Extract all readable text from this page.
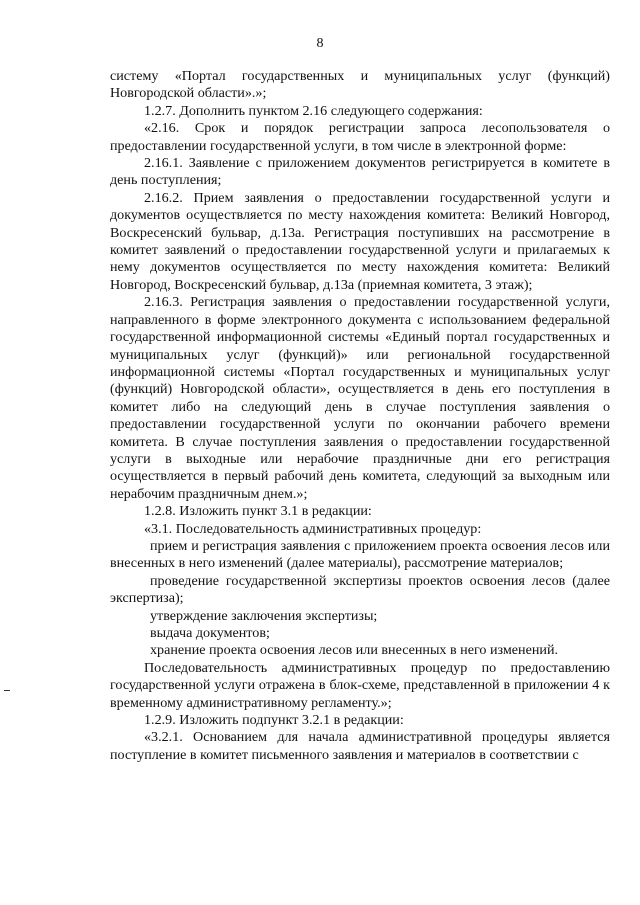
8

систему «Портал государственных и муниципальных услуг (функций) Новгородской области».»;

1.2.7. Дополнить пунктом 2.16 следующего содержания:

«2.16. Срок и порядок регистрации запроса лесопользователя о предоставлении государственной услуги, в том числе в электронной форме:

2.16.1. Заявление с приложением документов регистрируется в комитете в день поступления;

2.16.2. Прием заявления о предоставлении государственной услуги и документов осуществляется по месту нахождения комитета: Великий Новгород, Воскресенский бульвар, д.13а. Регистрация поступивших на рассмотрение в комитет заявлений о предоставлении государственной услуги и прилагаемых к нему документов осуществляется по месту нахождения комитета: Великий Новгород, Воскресенский бульвар, д.13а (приемная комитета, 3 этаж);

2.16.3. Регистрация заявления о предоставлении государственной услуги, направленного в форме электронного документа с использованием федеральной государственной информационной системы «Единый портал государственных и муниципальных услуг (функций)» или региональной государственной информационной системы «Портал государственных и муниципальных услуг (функций) Новгородской области», осуществляется в день его поступления в комитет либо на следующий день в случае поступления заявления о предоставлении государственной услуги по окончании рабочего времени комитета. В случае поступления заявления о предоставлении государственной услуги в выходные или нерабочие праздничные дни его регистрация осуществляется в первый рабочий день комитета, следующий за выходным или нерабочим праздничным днем.»;

1.2.8. Изложить пункт 3.1 в редакции:

«3.1. Последовательность административных процедур:

прием и регистрация заявления с приложением проекта освоения лесов или внесенных в него изменений (далее материалы), рассмотрение материалов;

проведение государственной экспертизы проектов освоения лесов (далее экспертиза);

утверждение заключения экспертизы;

выдача документов;

хранение проекта освоения лесов или внесенных в него изменений.

Последовательность административных процедур по предоставлению государственной услуги отражена в блок-схеме, представленной в приложении 4 к временному административному регламенту.»;

1.2.9. Изложить подпункт 3.2.1 в редакции:

«3.2.1. Основанием для начала административной процедуры является поступление в комитет письменного заявления и материалов в соответствии с
